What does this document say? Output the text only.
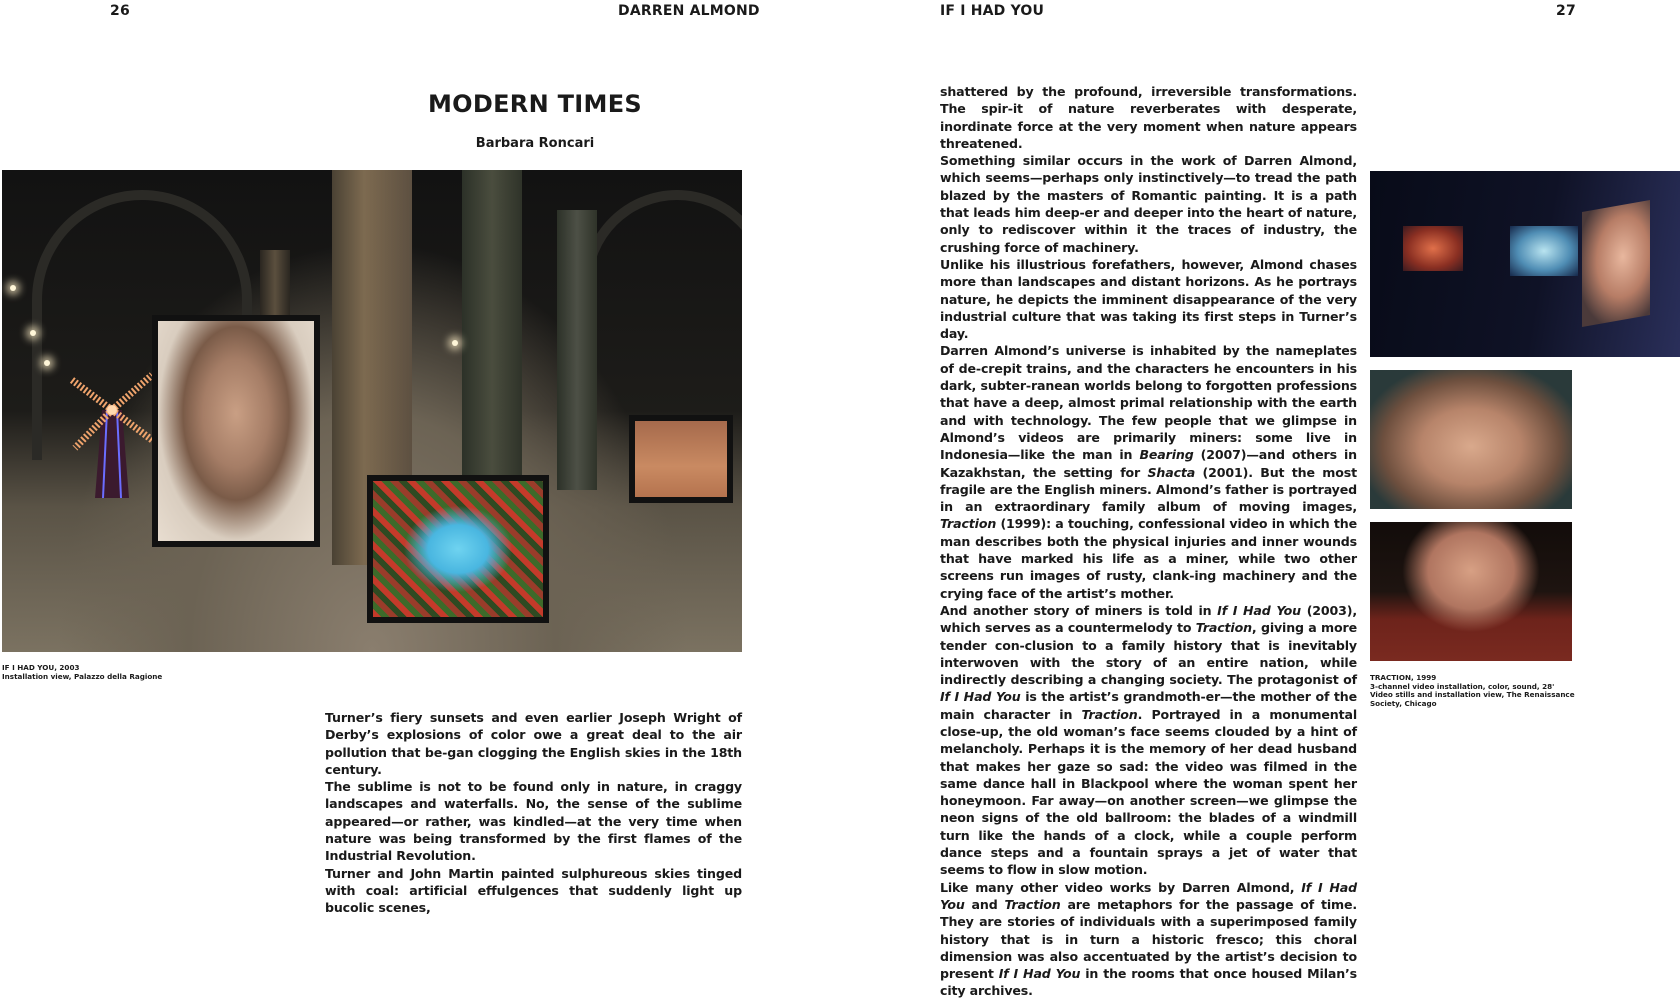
26	DARREN ALMOND	IF I HAD YOU	27
MODERN TIMES
Barbara Roncari
IF I HAD YOU, 2003
Installation view, Palazzo della Ragione

Turner’s fiery sunsets and even earlier Joseph Wright of Derby’s explosions of color owe a great deal to the air pollution that be-gan clogging the English skies in the 18th century.

The sublime is not to be found only in nature, in craggy landscapes and waterfalls. No, the sense of the sublime appeared—or rather, was kindled—at the very time when nature was being transformed by the first flames of the Industrial Revolution.

Turner and John Martin painted sulphureous skies tinged with coal: artificial effulgences that suddenly light up bucolic scenes,

shattered by the profound, irreversible transformations. The spir-it of nature reverberates with desperate, inordinate force at the very moment when nature appears threatened.

Something similar occurs in the work of Darren Almond, which seems—perhaps only instinctively—to tread the path blazed by the masters of Romantic painting. It is a path that leads him deep-er and deeper into the heart of nature, only to rediscover within it the traces of industry, the crushing force of machinery.

Unlike his illustrious forefathers, however, Almond chases more than landscapes and distant horizons. As he portrays nature, he depicts the imminent disappearance of the very industrial culture that was taking its first steps in Turner’s day.

Darren Almond’s universe is inhabited by the nameplates of de-crepit trains, and the characters he encounters in his dark, subter-ranean worlds belong to forgotten professions that have a deep, almost primal relationship with the earth and with technology. The few people that we glimpse in Almond’s videos are primarily miners: some live in Indonesia—like the man in Bearing (2007)—and others in Kazakhstan, the setting for Shacta (2001). But the most fragile are the English miners. Almond’s father is portrayed in an extraordinary family album of moving images, Traction (1999): a touching, confessional video in which the man describes both the physical injuries and inner wounds that have marked his life as a miner, while two other screens run images of rusty, clank-ing machinery and the crying face of the artist’s mother.

And another story of miners is told in If I Had You (2003), which serves as a countermelody to Traction, giving a more tender con-clusion to a family history that is inevitably interwoven with the story of an entire nation, while indirectly describing a changing society. The protagonist of If I Had You is the artist’s grandmoth-er—the mother of the main character in Traction. Portrayed in a monumental close-up, the old woman’s face seems clouded by a hint of melancholy. Perhaps it is the memory of her dead husband that makes her gaze so sad: the video was filmed in the same dance hall in Blackpool where the woman spent her honeymoon. Far away—on another screen—we glimpse the neon signs of the old ballroom: the blades of a windmill turn like the hands of a clock, while a couple perform dance steps and a fountain sprays a jet of water that seems to flow in slow motion.

Like many other video works by Darren Almond, If I Had You and Traction are metaphors for the passage of time. They are stories of individuals with a superimposed family history that is in turn a historic fresco; this choral dimension was also accentuated by the artist’s decision to present If I Had You in the rooms that once housed Milan’s city archives.

TRACTION, 1999
3-channel video installation, color, sound, 28'
Video stills and installation view, The Renaissance Society, Chicago
